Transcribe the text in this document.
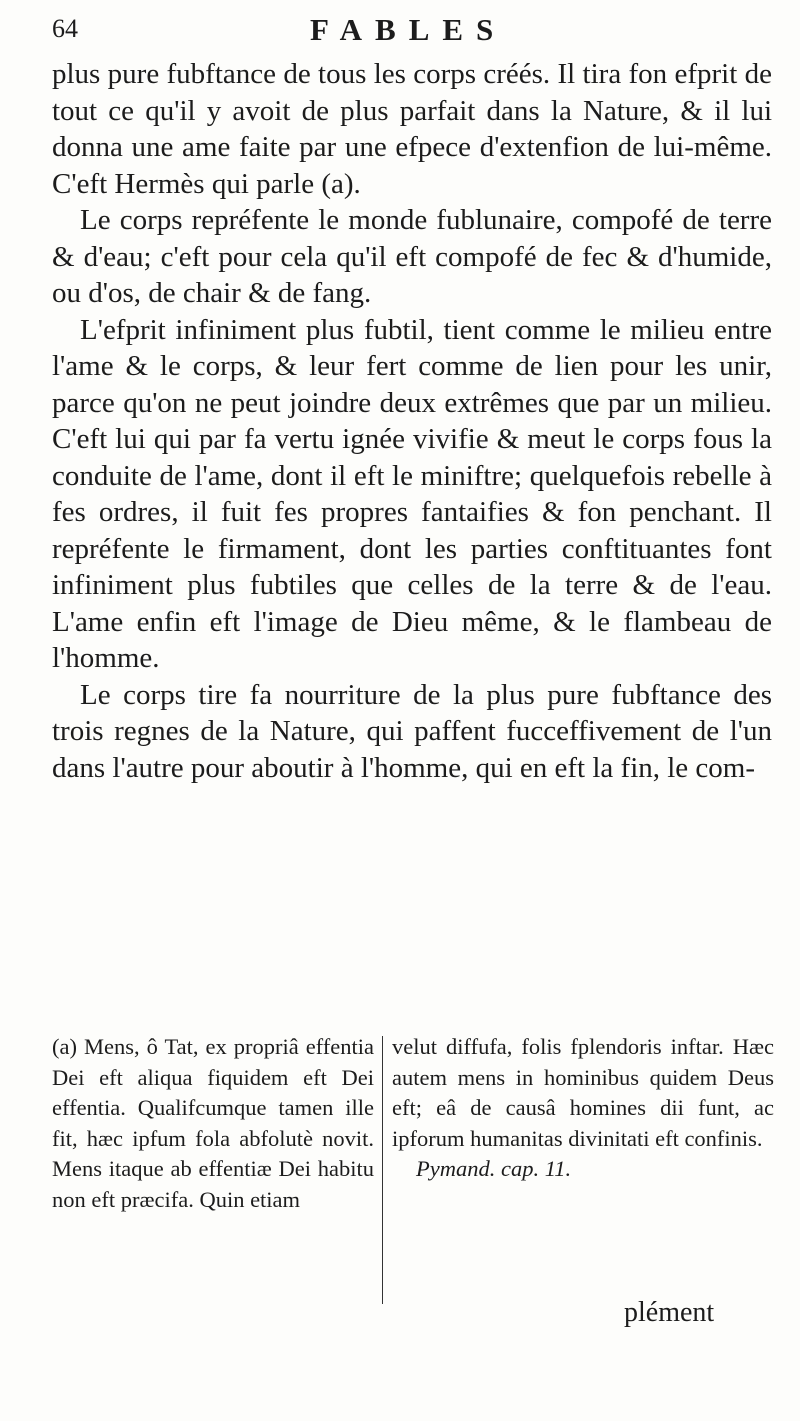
64	FABLES

plus pure fubftance de tous les corps créés. Il tira fon efprit de tout ce qu'il y avoit de plus parfait dans la Nature, & il lui donna une ame faite par une efpece d'extenfion de lui-même. C'eft Hermès qui parle (a).

Le corps repréfente le monde fublunaire, compofé de terre & d'eau; c'eft pour cela qu'il eft compofé de fec & d'humide, ou d'os, de chair & de fang.

L'efprit infiniment plus fubtil, tient comme le milieu entre l'ame & le corps, & leur fert comme de lien pour les unir, parce qu'on ne peut joindre deux extrêmes que par un milieu. C'eft lui qui par fa vertu ignée vivifie & meut le corps fous la conduite de l'ame, dont il eft le miniftre; quelquefois rebelle à fes ordres, il fuit fes propres fantaifies & fon penchant. Il repréfente le firmament, dont les parties conftituantes font infiniment plus fubtiles que celles de la terre & de l'eau. L'ame enfin eft l'image de Dieu même, & le flambeau de l'homme.

Le corps tire fa nourriture de la plus pure fubftance des trois regnes de la Nature, qui paffent fucceffivement de l'un dans l'autre pour aboutir à l'homme, qui en eft la fin, le com-

(a) Mens, ô Tat, ex propriâ effentia Dei eft aliqua fiquidem eft Dei effentia. Qualifcumque tamen ille fit, hæc ipfum fola abfolutè novit. Mens itaque ab effentiæ Dei habitu non eft præcifa. Quin etiam
velut diffufa, folis fplendoris inftar. Hæc autem mens in hominibus quidem Deus eft; eâ de causâ homines dii funt, ac ipforum humanitas divinitati eft confinis.
Pymand. cap. 11.
plément
